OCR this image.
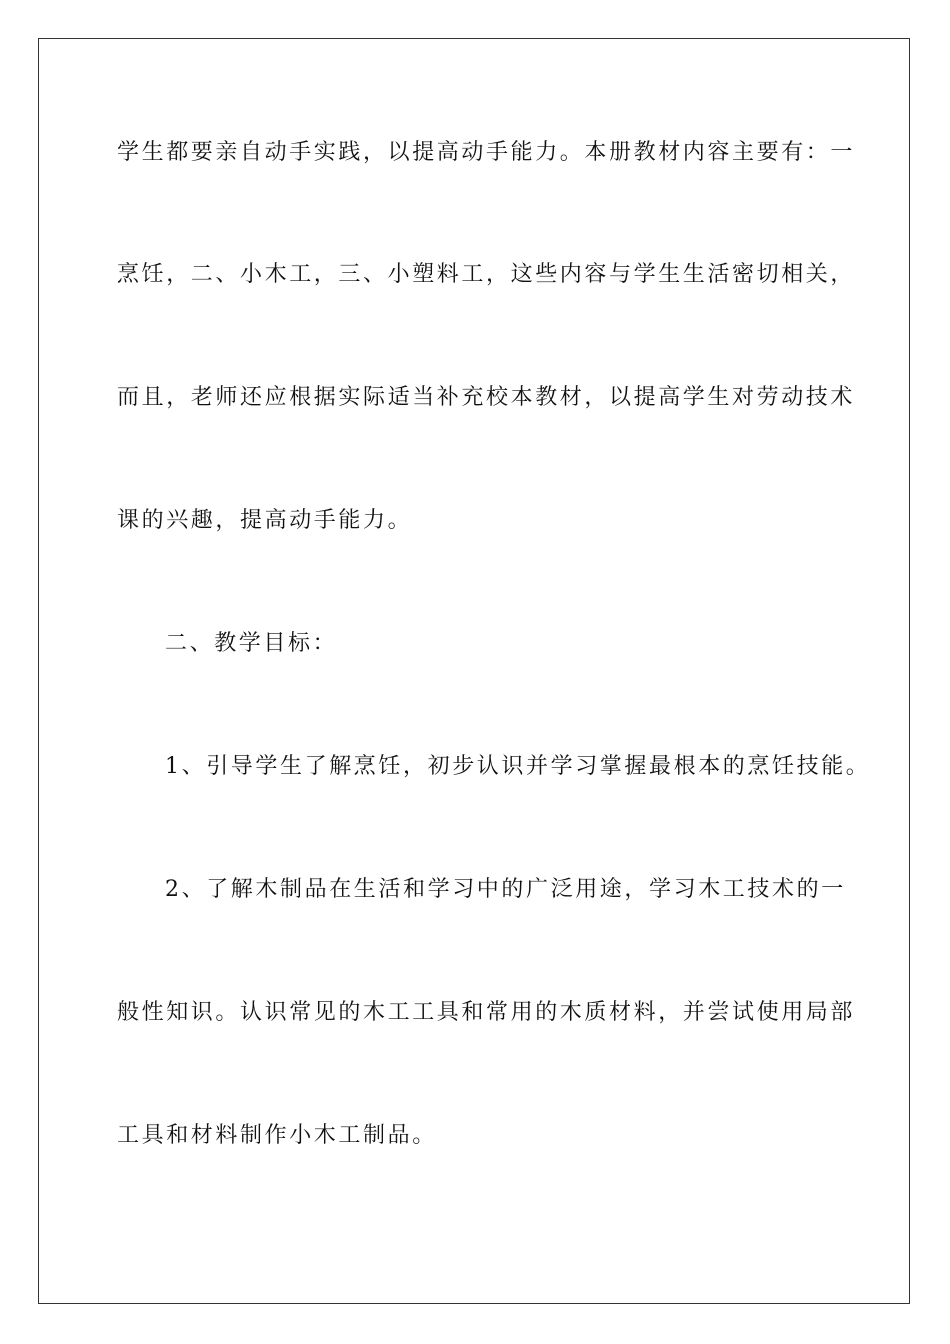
学生都要亲自动手实践，以提高动手能力。本册教材内容主要有：一
烹饪，二、小木工，三、小塑料工，这些内容与学生生活密切相关，
而且，老师还应根据实际适当补充校本教材，以提高学生对劳动技术
课的兴趣，提高动手能力。
二、教学目标：
1、引导学生了解烹饪，初步认识并学习掌握最根本的烹饪技能。
2、了解木制品在生活和学习中的广泛用途，学习木工技术的一
般性知识。认识常见的木工工具和常用的木质材料，并尝试使用局部
工具和材料制作小木工制品。
